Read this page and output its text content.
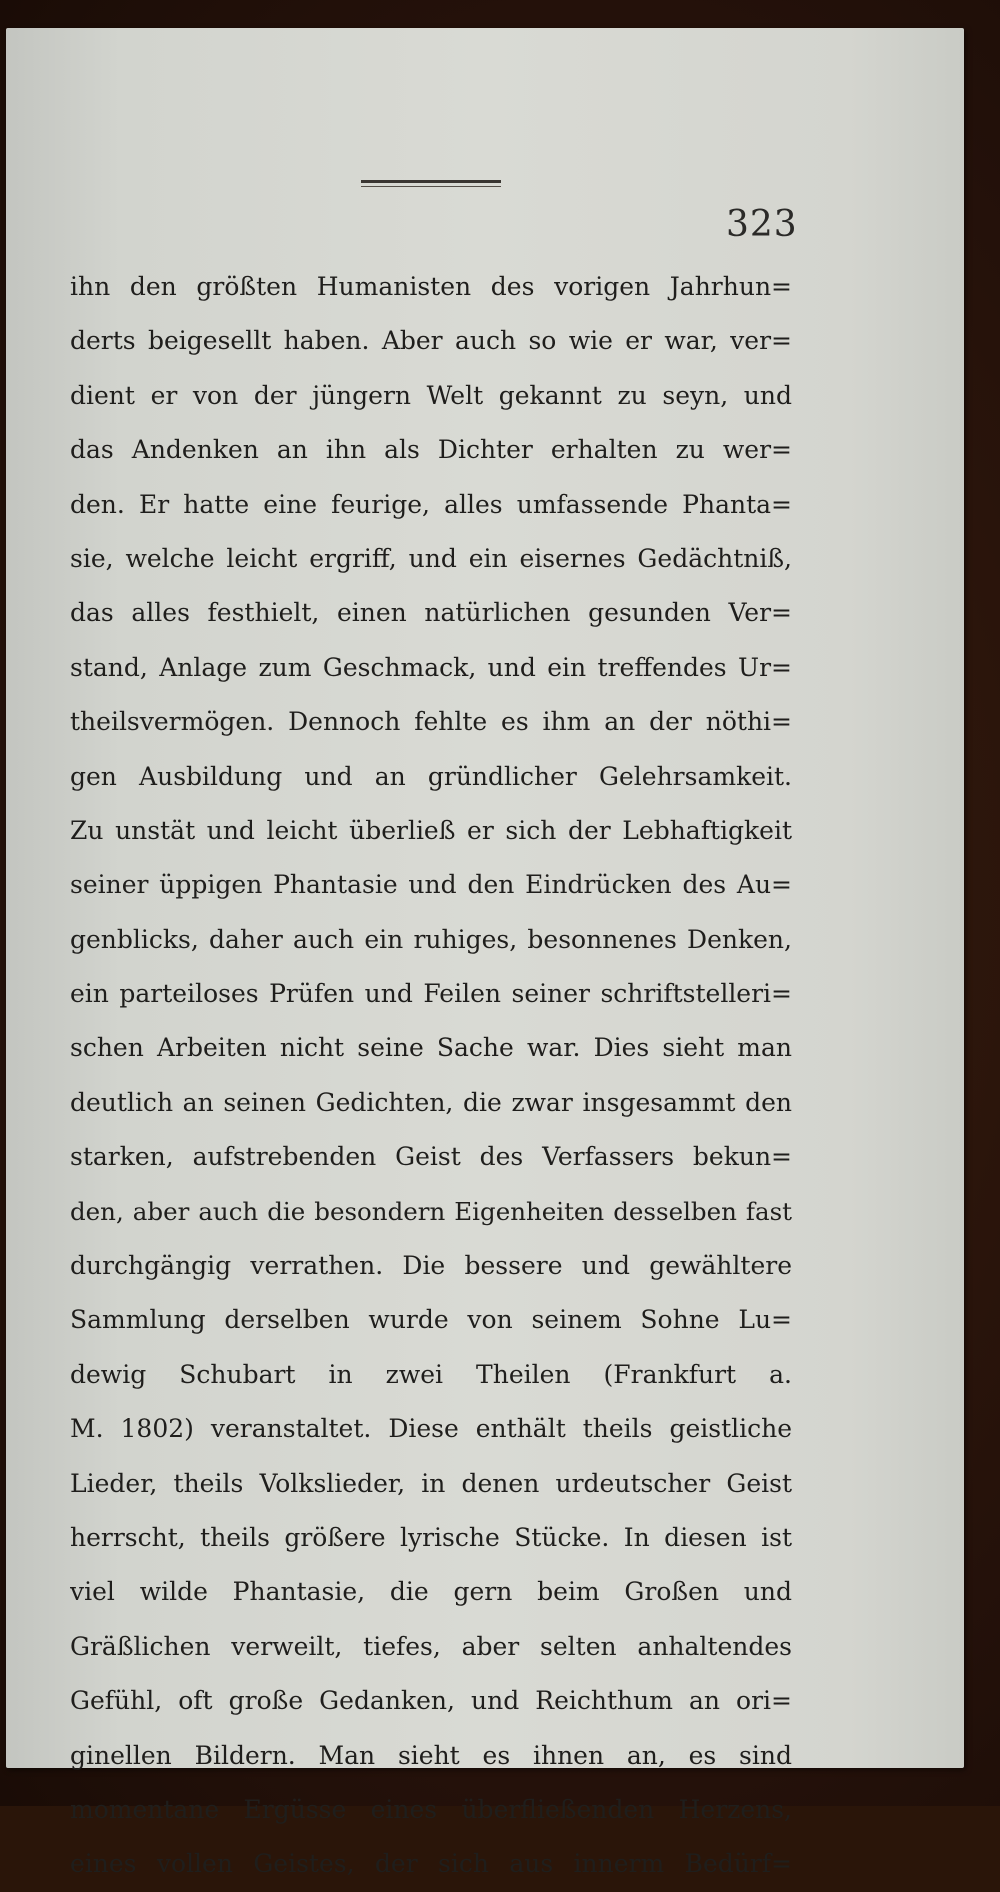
323
ihn den größten Humanisten des vorigen Jahrhun=
derts beigesellt haben. Aber auch so wie er war, ver=
dient er von der jüngern Welt gekannt zu seyn, und
das Andenken an ihn als Dichter erhalten zu wer=
den. Er hatte eine feurige, alles umfassende Phanta=
sie, welche leicht ergriff, und ein eisernes Gedächtniß,
das alles festhielt, einen natürlichen gesunden Ver=
stand, Anlage zum Geschmack, und ein treffendes Ur=
theilsvermögen. Dennoch fehlte es ihm an der nöthi=
gen Ausbildung und an gründlicher Gelehrsamkeit.
Zu unstät und leicht überließ er sich der Lebhaftigkeit
seiner üppigen Phantasie und den Eindrücken des Au=
genblicks, daher auch ein ruhiges, besonnenes Denken,
ein parteiloses Prüfen und Feilen seiner schriftstelleri=
schen Arbeiten nicht seine Sache war. Dies sieht man
deutlich an seinen Gedichten, die zwar insgesammt den
starken, aufstrebenden Geist des Verfassers bekun=
den, aber auch die besondern Eigenheiten desselben fast
durchgängig verrathen. Die bessere und gewähltere
Sammlung derselben wurde von seinem Sohne Lu=
dewig Schubart in zwei Theilen (Frankfurt a.
M. 1802) veranstaltet. Diese enthält theils geistliche
Lieder, theils Volkslieder, in denen urdeutscher Geist
herrscht, theils größere lyrische Stücke. In diesen ist
viel wilde Phantasie, die gern beim Großen und
Gräßlichen verweilt, tiefes, aber selten anhaltendes
Gefühl, oft große Gedanken, und Reichthum an ori=
ginellen Bildern. Man sieht es ihnen an, es sind
momentane Ergüsse eines überfließenden Herzens,
eines vollen Geistes, der sich aus innerm Bedürf=
